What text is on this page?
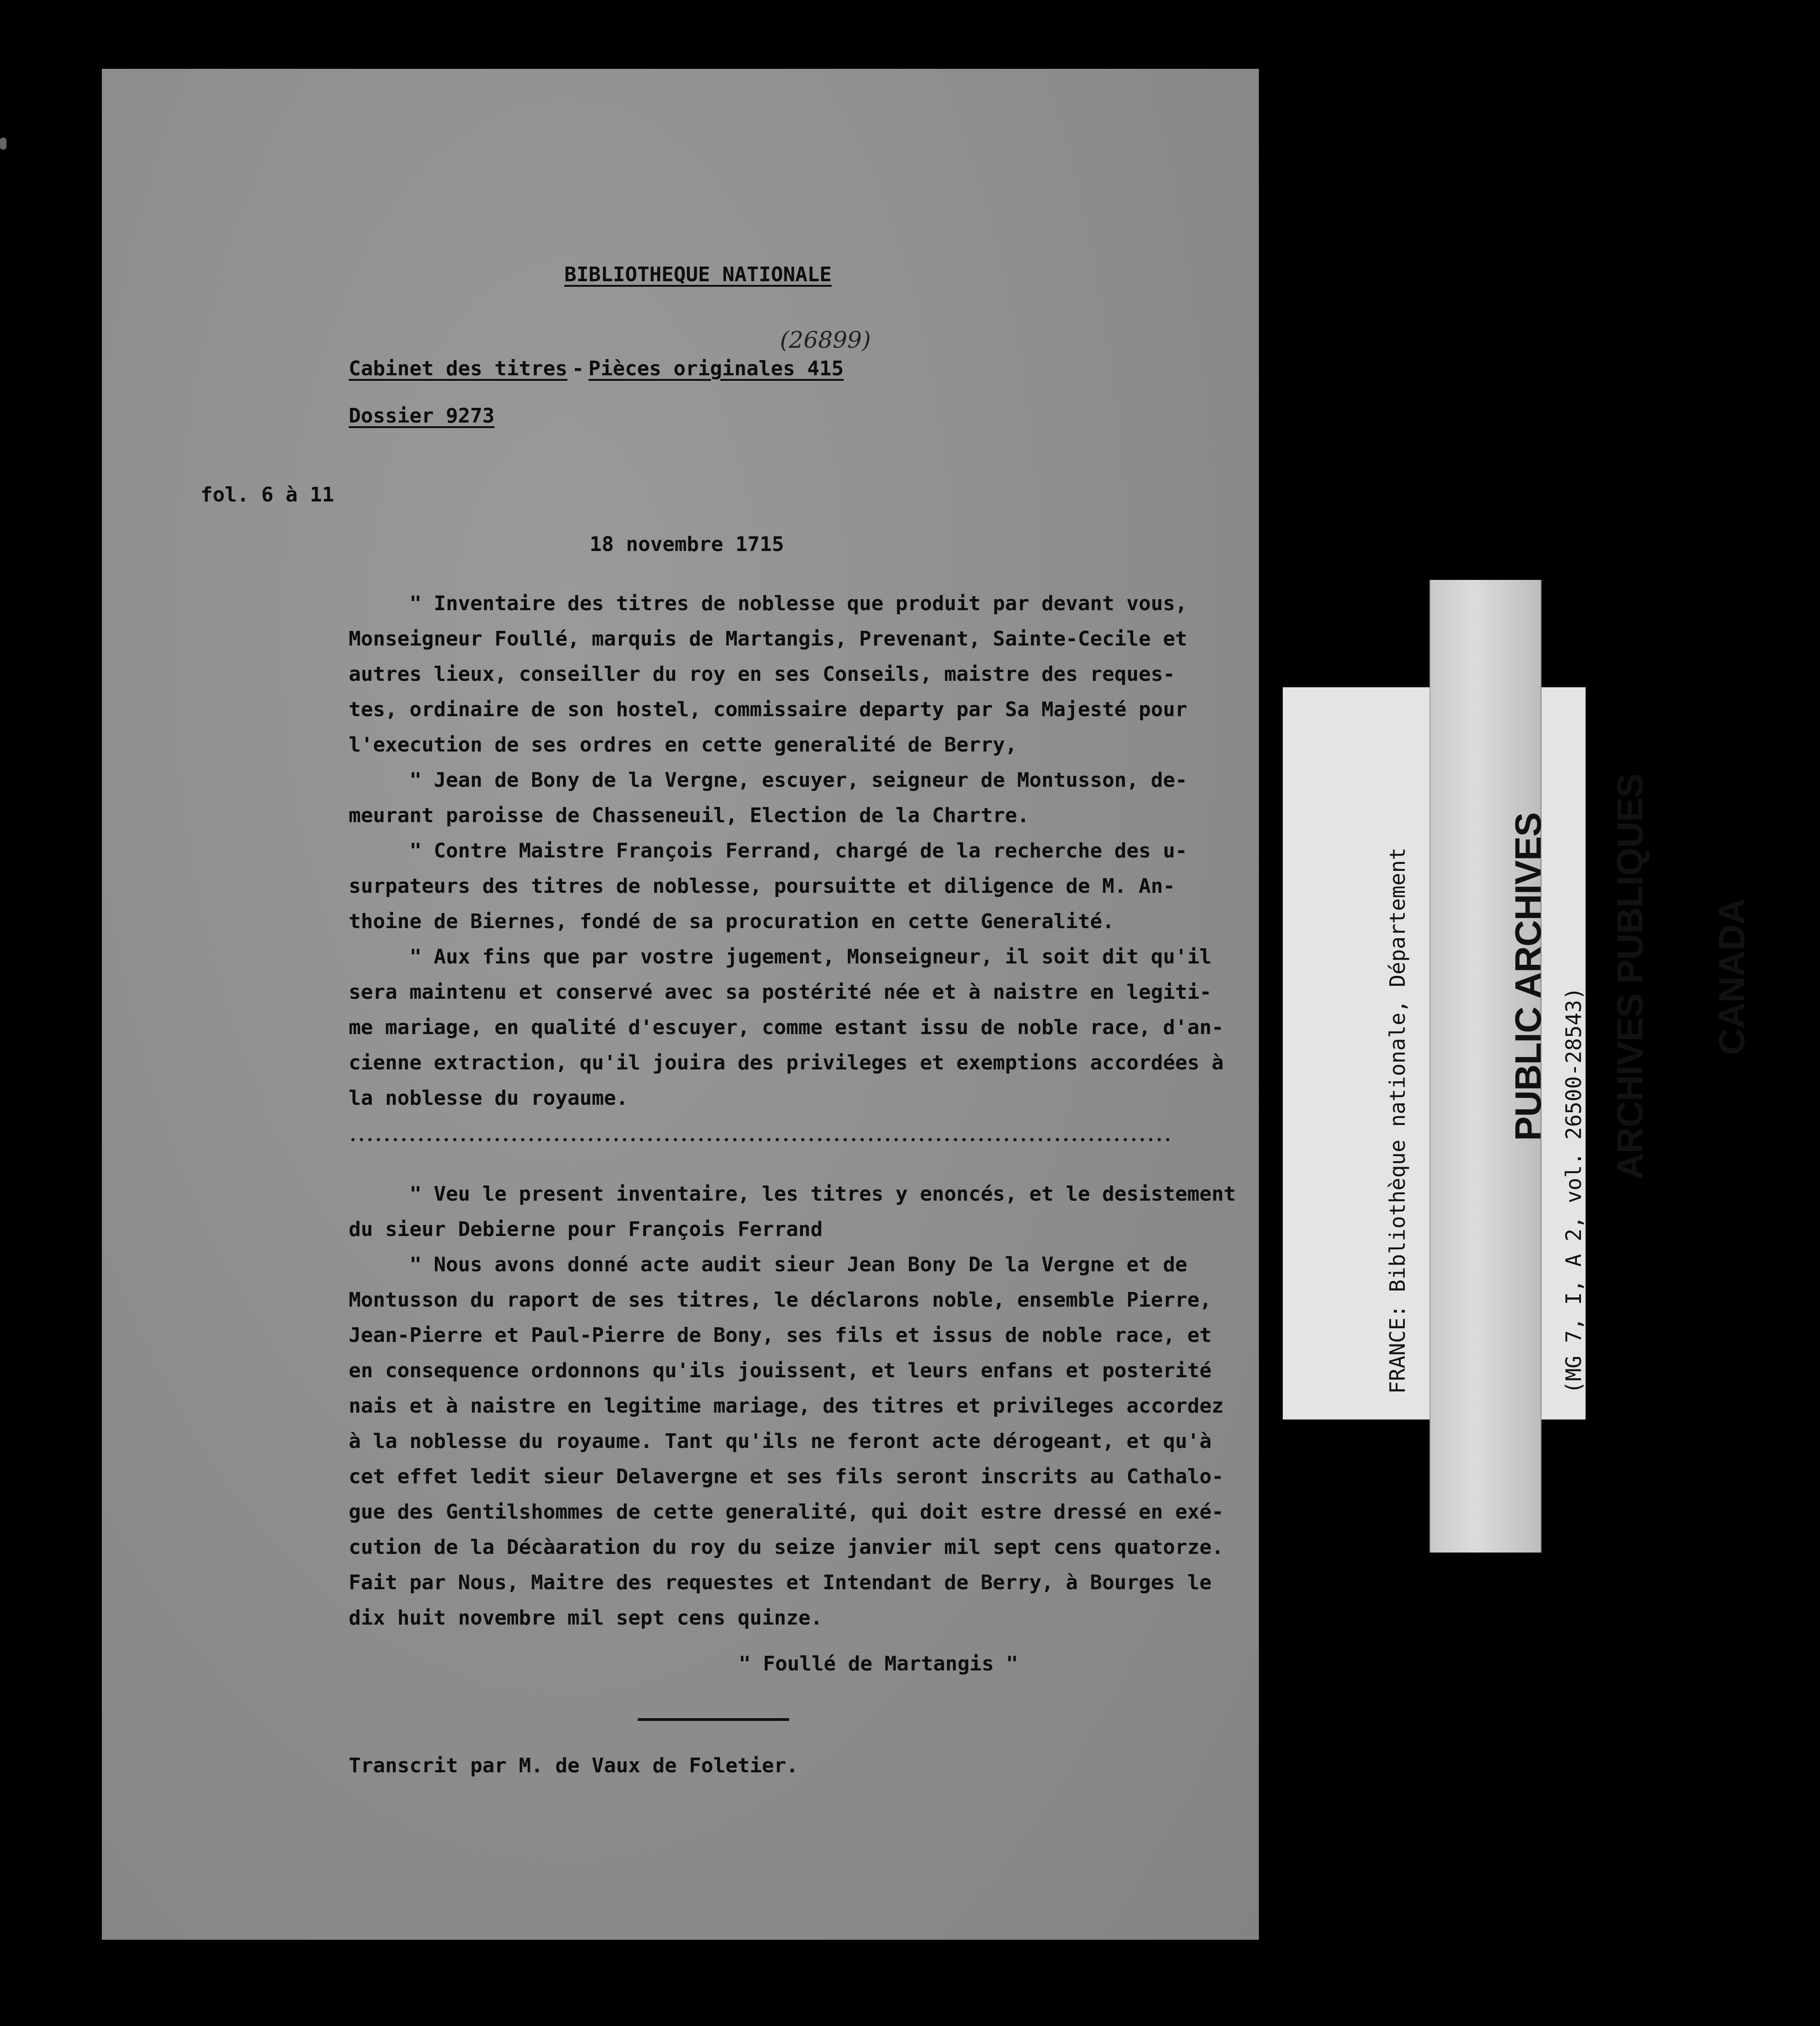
BIBLIOTHEQUE NATIONALE
(26899)
Cabinet des titres - Pièces originales 415
Dossier 9273
fol. 6 à 11
18 novembre 1715
" Inventaire des titres de noblesse que produit par devant vous,
Monseigneur Foullé, marquis de Martangis, Prevenant, Sainte-Cecile et
autres lieux, conseiller du roy en ses Conseils, maistre des reques-
tes, ordinaire de son hostel, commissaire departy par Sa Majesté pour
l'execution de ses ordres en cette generalité de Berry,
" Jean de Bony de la Vergne, escuyer, seigneur de Montusson, de-
meurant paroisse de Chasseneuil, Election de la Chartre.
" Contre Maistre François Ferrand, chargé de la recherche des u-
surpateurs des titres de noblesse, poursuitte et diligence de M. An-
thoine de Biernes, fondé de sa procuration en cette Generalité.
" Aux fins que par vostre jugement, Monseigneur, il soit dit qu'il
sera maintenu et conservé avec sa postérité née et à naistre en legiti-
me mariage, en qualité d'escuyer, comme estant issu de noble race, d'an-
cienne extraction, qu'il jouira des privileges et exemptions accordées à
la noblesse du royaume.
" Veu le present inventaire, les titres y enoncés, et le desistement
du sieur Debierne pour François Ferrand
" Nous avons donné acte audit sieur Jean Bony De la Vergne et de
Montusson du raport de ses titres, le déclarons noble, ensemble Pierre,
Jean-Pierre et Paul-Pierre de Bony, ses fils et issus de noble race, et
en consequence ordonnons qu'ils jouissent, et leurs enfans et posterité
nais et à naistre en legitime mariage, des titres et privileges accordez
à la noblesse du royaume. Tant qu'ils ne feront acte dérogeant, et qu'à
cet effet ledit sieur Delavergne et ses fils seront inscrits au Cathalo-
gue des Gentilshommes de cette generalité, qui doit estre dressé en exé-
cution de la Décàaration du roy du seize janvier mil sept cens quatorze.
Fait par Nous, Maitre des requestes et Intendant de Berry, à Bourges le
dix huit novembre mil sept cens quinze.
" Foullé de Martangis "
Transcrit par M. de Vaux de Foletier.

FRANCE: Bibliothèque nationale, Département

	(MG 7, I, A 2, vol. 26500-28543)

PUBLIC ARCHIVES

ARCHIVES PUBLIQUES

CANADA
